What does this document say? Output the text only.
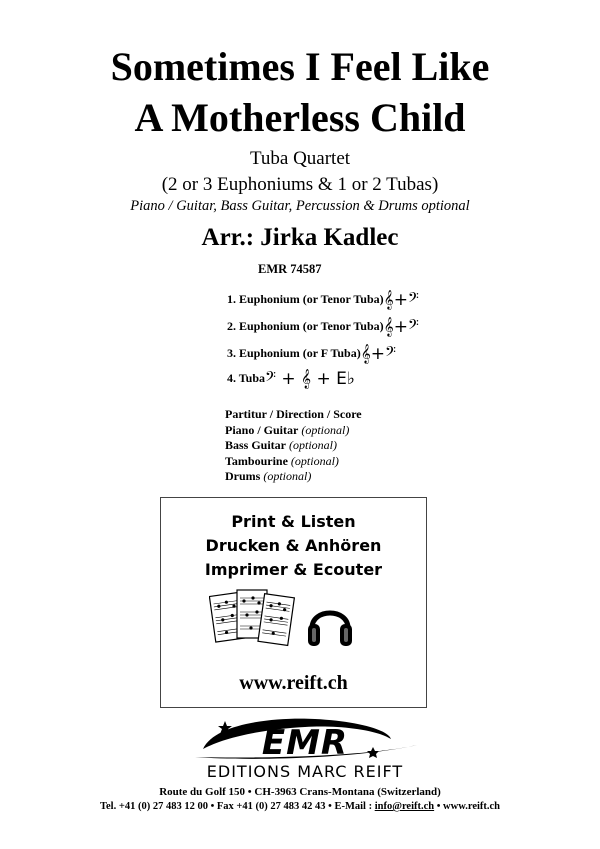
Sometimes I Feel Like
A Motherless Child
Tuba Quartet
(2 or 3 Euphoniums & 1 or 2 Tubas)
Piano / Guitar, Bass Guitar, Percussion & Drums optional
Arr.: Jirka Kadlec
EMR 74587
1. Euphonium (or Tenor Tuba) 𝄞+𝄢
2. Euphonium (or Tenor Tuba) 𝄞+𝄢
3. Euphonium (or F Tuba) 𝄞+𝄢
4. Tuba 𝄢 + 𝄞 + E♭
Partitur / Direction / Score
Piano / Guitar (optional)
Bass Guitar (optional)
Tambourine (optional)
Drums (optional)
Print & Listen
Drucken & Anhören
Imprimer & Ecouter
www.reift.ch
EMR
EDITIONS MARC REIFT
Route du Golf 150 • CH-3963 Crans-Montana (Switzerland)
Tel. +41 (0) 27 483 12 00 • Fax +41 (0) 27 483 42 43 • E-Mail : info@reift.ch • www.reift.ch
